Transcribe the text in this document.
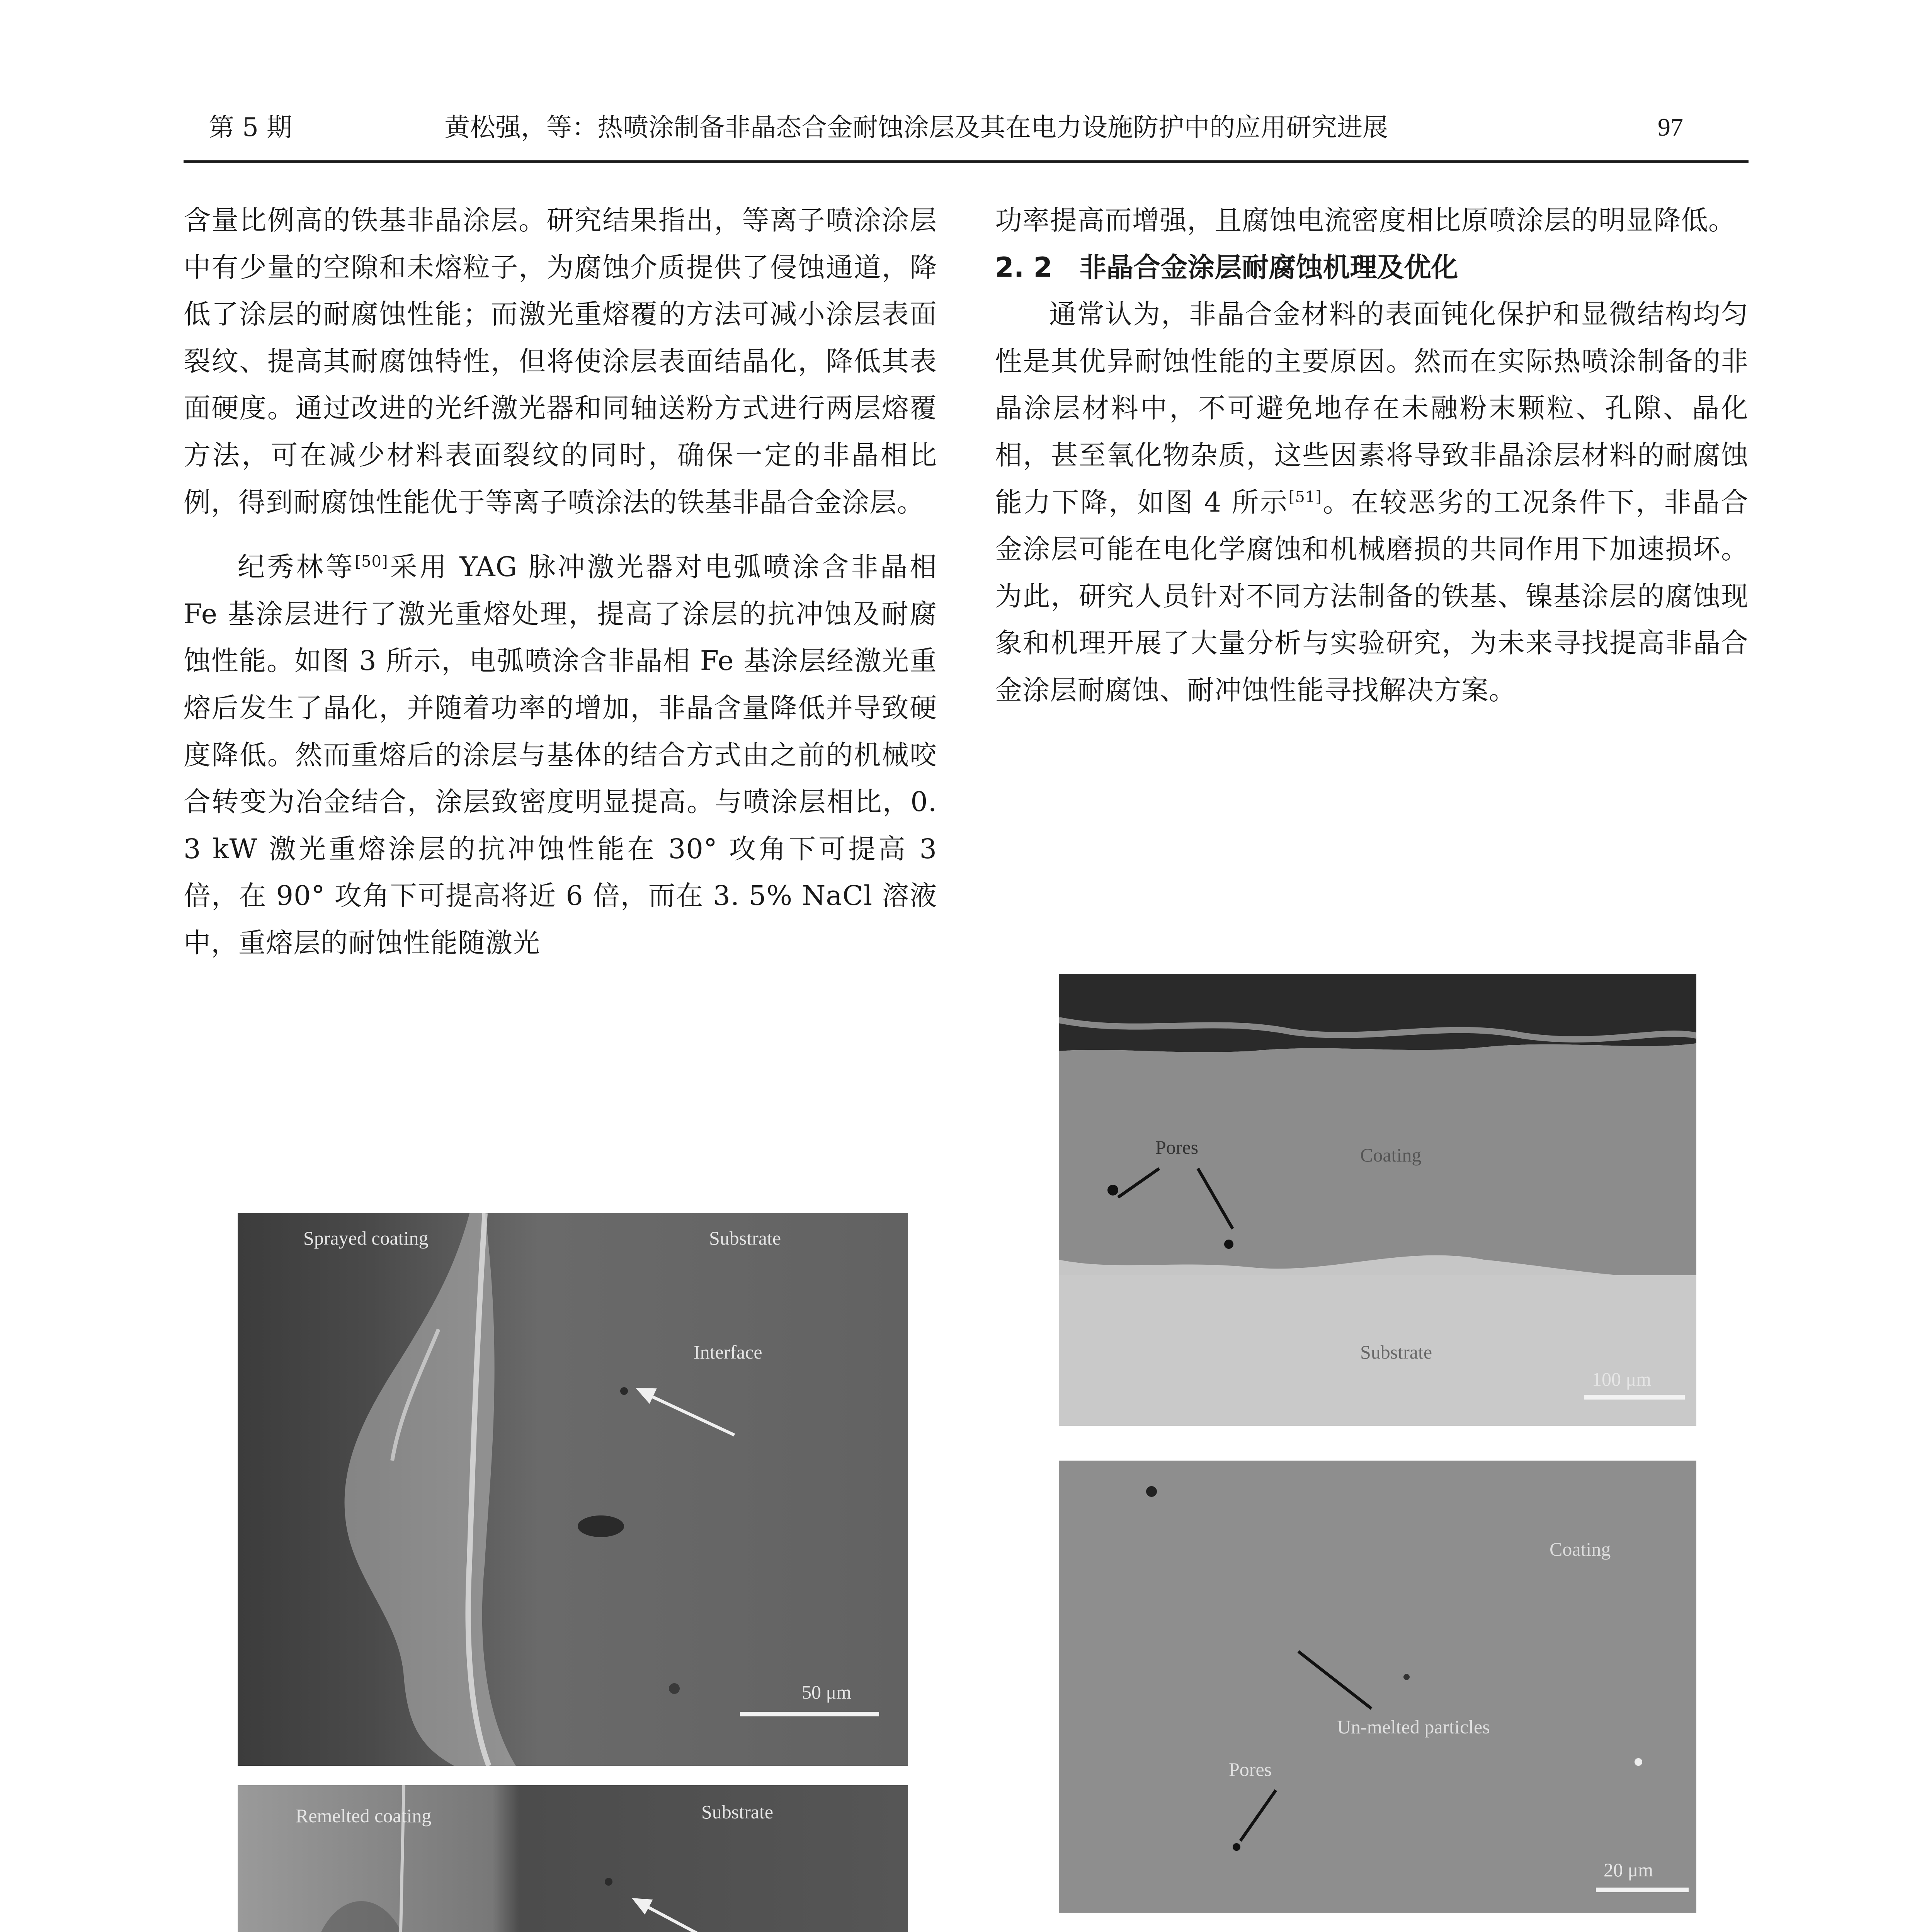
第 5 期	黄松强，等：热喷涂制备非晶态合金耐蚀涂层及其在电力设施防护中的应用研究进展	97

含量比例高的铁基非晶涂层。研究结果指出，等离子喷涂涂层中有少量的空隙和未熔粒子，为腐蚀介质提供了侵蚀通道，降低了涂层的耐腐蚀性能；而激光重熔覆的方法可减小涂层表面裂纹、提高其耐腐蚀特性，但将使涂层表面结晶化，降低其表面硬度。通过改进的光纤激光器和同轴送粉方式进行两层熔覆方法，可在减少材料表面裂纹的同时，确保一定的非晶相比例，得到耐腐蚀性能优于等离子喷涂法的铁基非晶合金涂层。

纪秀林等[50]采用 YAG 脉冲激光器对电弧喷涂含非晶相 Fe 基涂层进行了激光重熔处理，提高了涂层的抗冲蚀及耐腐蚀性能。如图 3 所示，电弧喷涂含非晶相 Fe 基涂层经激光重熔后发生了晶化，并随着功率的增加，非晶含量降低并导致硬度降低。然而重熔后的涂层与基体的结合方式由之前的机械咬合转变为冶金结合，涂层致密度明显提高。与喷涂层相比，0. 3 kW 激光重熔涂层的抗冲蚀性能在 30° 攻角下可提高 3 倍，在 90° 攻角下可提高将近 6 倍，而在 3. 5% NaCl 溶液中，重熔层的耐蚀性能随激光

Sprayed coating	Substrate
Interface
50 μm
Remelted coating	Substrate

功率提高而增强，且腐蚀电流密度相比原喷涂层的明显降低。

2. 2　非晶合金涂层耐腐蚀机理及优化

通常认为，非晶合金材料的表面钝化保护和显微结构均匀性是其优异耐蚀性能的主要原因。然而在实际热喷涂制备的非晶涂层材料中，不可避免地存在未融粉末颗粒、孔隙、晶化相，甚至氧化物杂质，这些因素将导致非晶涂层材料的耐腐蚀能力下降，如图 4 所示[51]。在较恶劣的工况条件下，非晶合金涂层可能在电化学腐蚀和机械磨损的共同作用下加速损坏。为此，研究人员针对不同方法制备的铁基、镍基涂层的腐蚀现象和机理开展了大量分析与实验研究，为未来寻找提高非晶合金涂层耐腐蚀、耐冲蚀性能寻找解决方案。

Pores	Coating
Substrate
100 μm
Coating
Un-melted particles
Pores
20 μm
